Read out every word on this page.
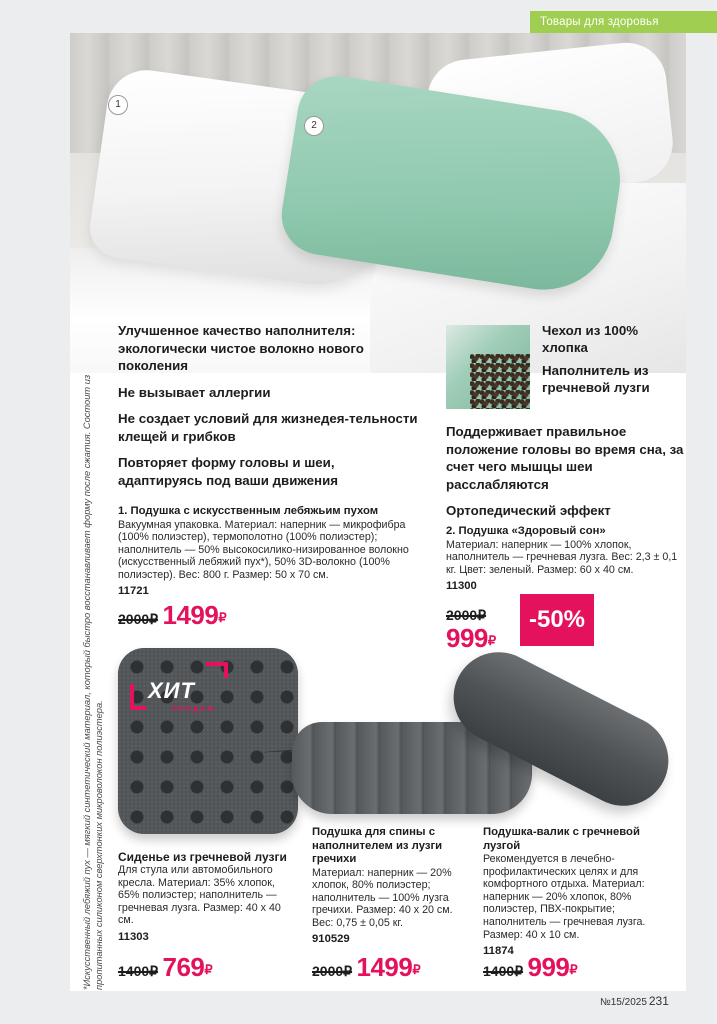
Товары для здоровья
1
2
*Искусственный лебяжий пух — мягкий синтетический материал, который быстро восстанавливает форму после сжатия. Состоит из пропитанных силиконом сверхтонких микроволокон полиэстера.

Улучшенное качество наполнителя: экологически чистое волокно нового поколения

Не вызывает аллергии

Не создает условий для жизнедея-тельности клещей и грибков

Повторяет форму головы и шеи, адаптируясь под ваши движения

Чехол из 100% хлопка

Наполнитель из гречневой лузги

Поддерживает правильное положение головы во время сна, за счет чего мышцы шеи расслабляются

Ортопедический эффект

1. Подушка с искусственным лебяжьим пухом
Вакуумная упаковка. Материал: наперник — микрофибра (100% полиэстер), термополотно (100% полиэстер); наполнитель — 50% высокосилико-низированное волокно (искусственный лебяжий пух*), 50% 3D-волокно (100% полиэстер). Вес: 800 г. Размер: 50 х 70 см.
11721
2000₽ 1499₽
2. Подушка «Здоровый сон»
Материал: наперник — 100% хлопок, наполнитель — гречневая лузга. Вес: 2,3 ± 0,1 кг. Цвет: зеленый. Размер: 60 х 40 см.
11300
2000₽
999₽
-50%
ХИТ
ПРОДАЖ
Сиденье из гречневой лузги
Для стула или автомобильного кресла. Материал: 35% хлопок, 65% полиэстер; наполнитель — гречневая лузга. Размер: 40 х 40 см.
11303
1400₽ 769₽
Подушка для спины с наполнителем из лузги гречихи
Материал: наперник — 20% хлопок, 80% полиэстер; наполнитель — 100% лузга гречихи. Размер: 40 х 20 см. Вес: 0,75 ± 0,05 кг.
910529
2000₽ 1499₽
Подушка-валик с гречневой лузгой
Рекомендуется в лечебно-профилактических целях и для комфортного отдыха. Материал: наперник — 20% хлопок, 80% полиэстер, ПВХ-покрытие; наполнитель — гречневая лузга. Размер: 40 х 10 см.
11874
1400₽ 999₽
№15/2025 231
